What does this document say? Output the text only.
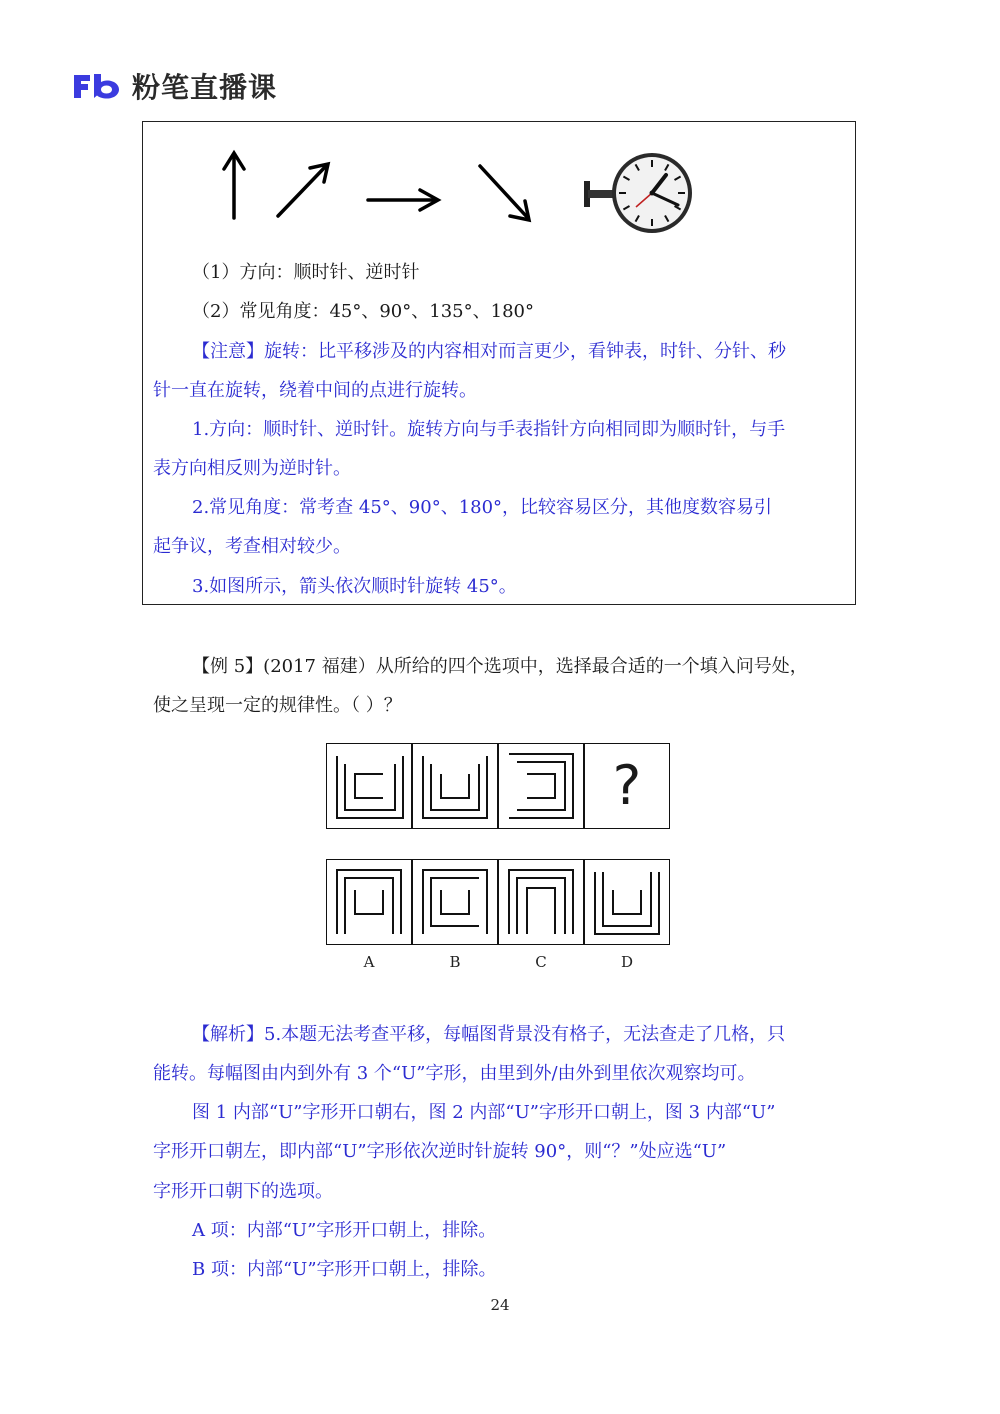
粉笔直播课
（1）方向：顺时针、逆时针
（2）常见角度：45°、90°、135°、180°
【注意】旋转：比平移涉及的内容相对而言更少，看钟表，时针、分针、秒
针一直在旋转，绕着中间的点进行旋转。
1.方向：顺时针、逆时针。旋转方向与手表指针方向相同即为顺时针，与手
表方向相反则为逆时针。
2.常见角度：常考查 45°、90°、180°，比较容易区分，其他度数容易引
起争议，考查相对较少。
3.如图所示，箭头依次顺时针旋转 45°。
【例 5】(2017 福建）从所给的四个选项中，选择最合适的一个填入问号处，
使之呈现一定的规律性。（ ）？
?
A	B	C	D
【解析】5.本题无法考查平移，每幅图背景没有格子，无法查走了几格，只
能转。每幅图由内到外有 3 个“U”字形，由里到外/由外到里依次观察均可。
图 1 内部“U”字形开口朝右，图 2 内部“U”字形开口朝上，图 3 内部“U”
字形开口朝左，即内部“U”字形依次逆时针旋转 90°，则“？”处应选“U”
字形开口朝下的选项。
A 项：内部“U”字形开口朝上，排除。
B 项：内部“U”字形开口朝上，排除。
24
